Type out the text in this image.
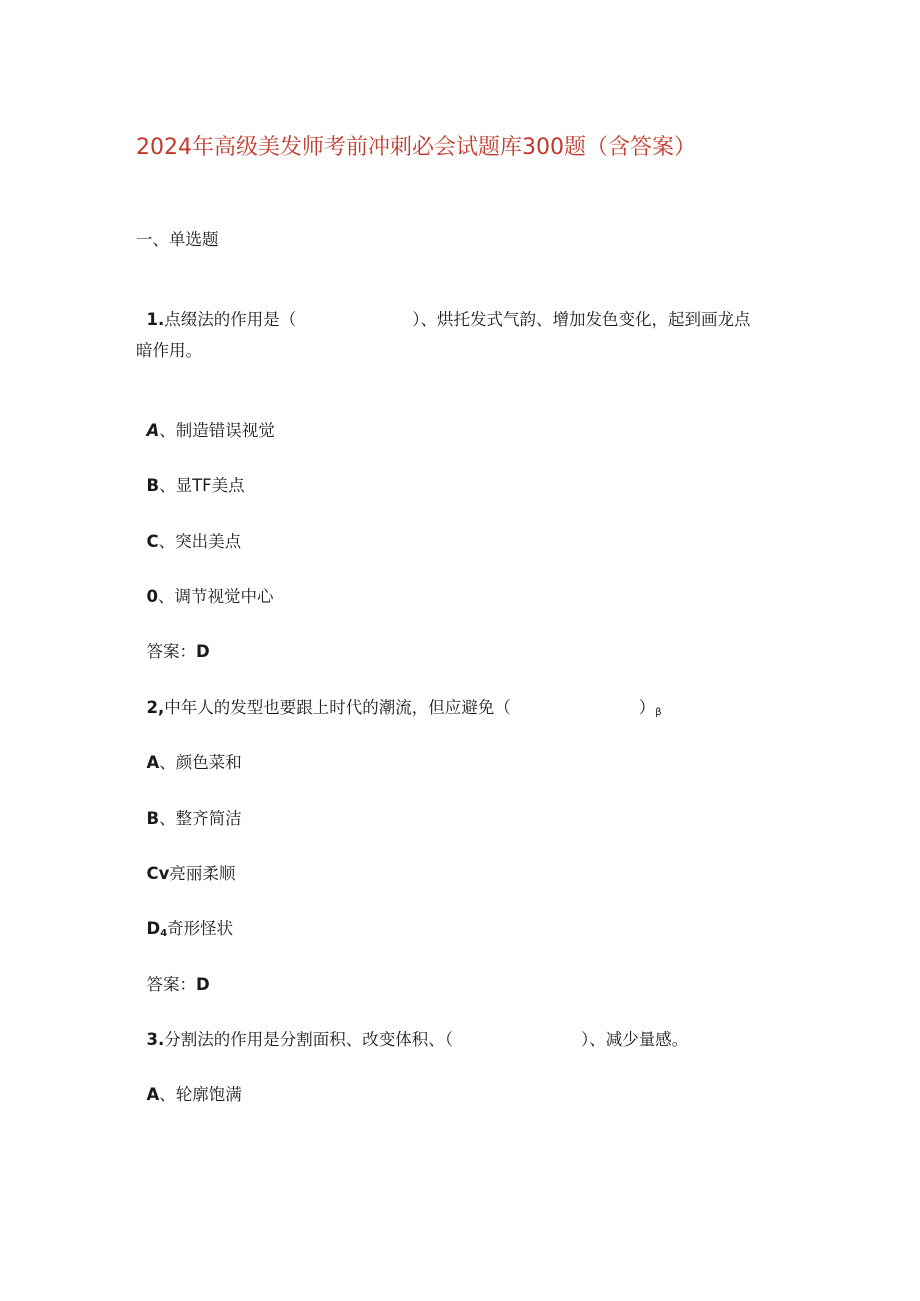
2024年高级美发师考前冲刺必会试题库300题（含答案）
一、单选题

1.点缀法的作用是（	）、烘托发式气韵、增加发色变化，起到画龙点

暗作用。

A、制造错误视觉

B、显TF美点

C、突出美点

0、调节视觉中心

答案：D

2,中年人的发型也要跟上时代的潮流，但应避免（	）$_\beta$

A、颜色菜和

B、整齐简洁

Cv亮丽柔顺

$D_4$奇形怪状

答案：D

3.分割法的作用是分割面积、改变体积、（	）、减少量感。

A、轮廓饱满
